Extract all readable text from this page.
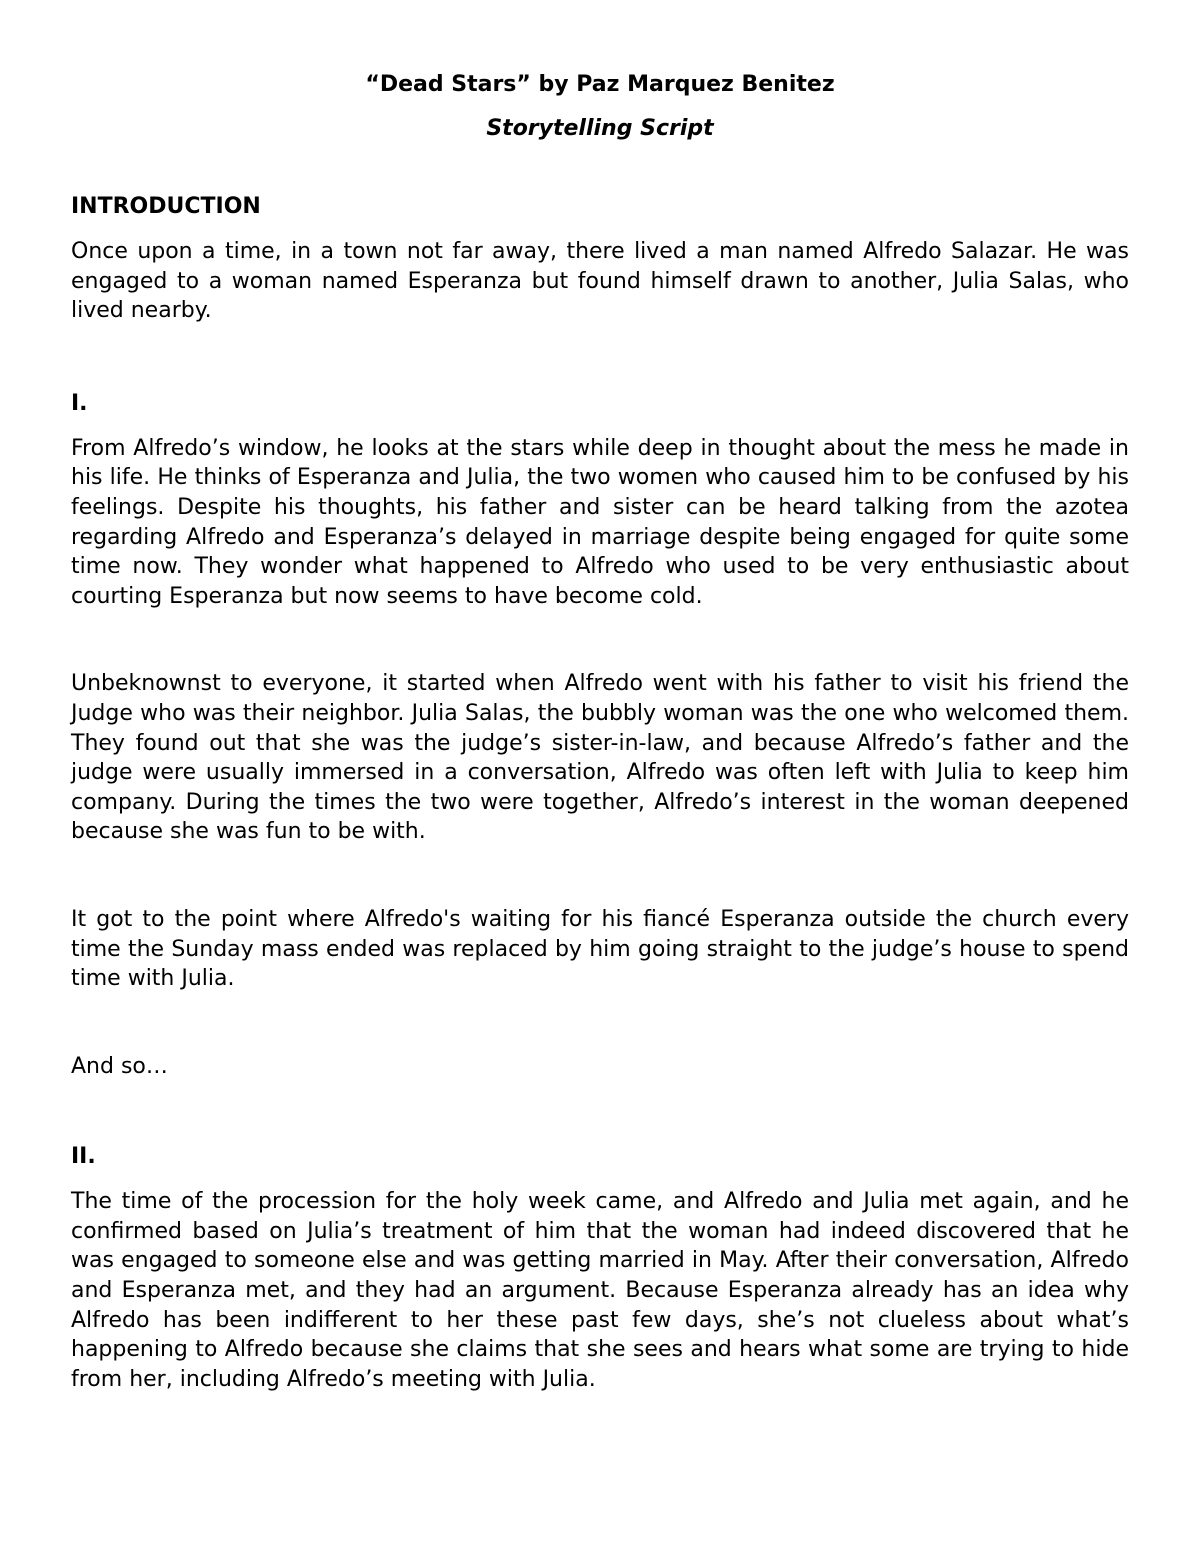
“Dead Stars” by Paz Marquez Benitez

Storytelling Script

INTRODUCTION

Once upon a time, in a town not far away, there lived a man named Alfredo Salazar. He was engaged to a woman named Esperanza but found himself drawn to another, Julia Salas, who lived nearby.

I.

From Alfredo’s window, he looks at the stars while deep in thought about the mess he made in his life. He thinks of Esperanza and Julia, the two women who caused him to be confused by his feelings. Despite his thoughts, his father and sister can be heard talking from the azotea regarding Alfredo and Esperanza’s delayed in marriage despite being engaged for quite some time now. They wonder what happened to Alfredo who used to be very enthusiastic about courting Esperanza but now seems to have become cold.

Unbeknownst to everyone, it started when Alfredo went with his father to visit his friend the Judge who was their neighbor. Julia Salas, the bubbly woman was the one who welcomed them. They found out that she was the judge’s sister-in-law, and because Alfredo’s father and the judge were usually immersed in a conversation, Alfredo was often left with Julia to keep him company. During the times the two were together, Alfredo’s interest in the woman deepened because she was fun to be with.

It got to the point where Alfredo's waiting for his fiancé Esperanza outside the church every time the Sunday mass ended was replaced by him going straight to the judge’s house to spend time with Julia.

And so…

II.

The time of the procession for the holy week came, and Alfredo and Julia met again, and he confirmed based on Julia’s treatment of him that the woman had indeed discovered that he was engaged to someone else and was getting married in May. After their conversation, Alfredo and Esperanza met, and they had an argument. Because Esperanza already has an idea why Alfredo has been indifferent to her these past few days, she’s not clueless about what’s happening to Alfredo because she claims that she sees and hears what some are trying to hide from her, including Alfredo’s meeting with Julia.
